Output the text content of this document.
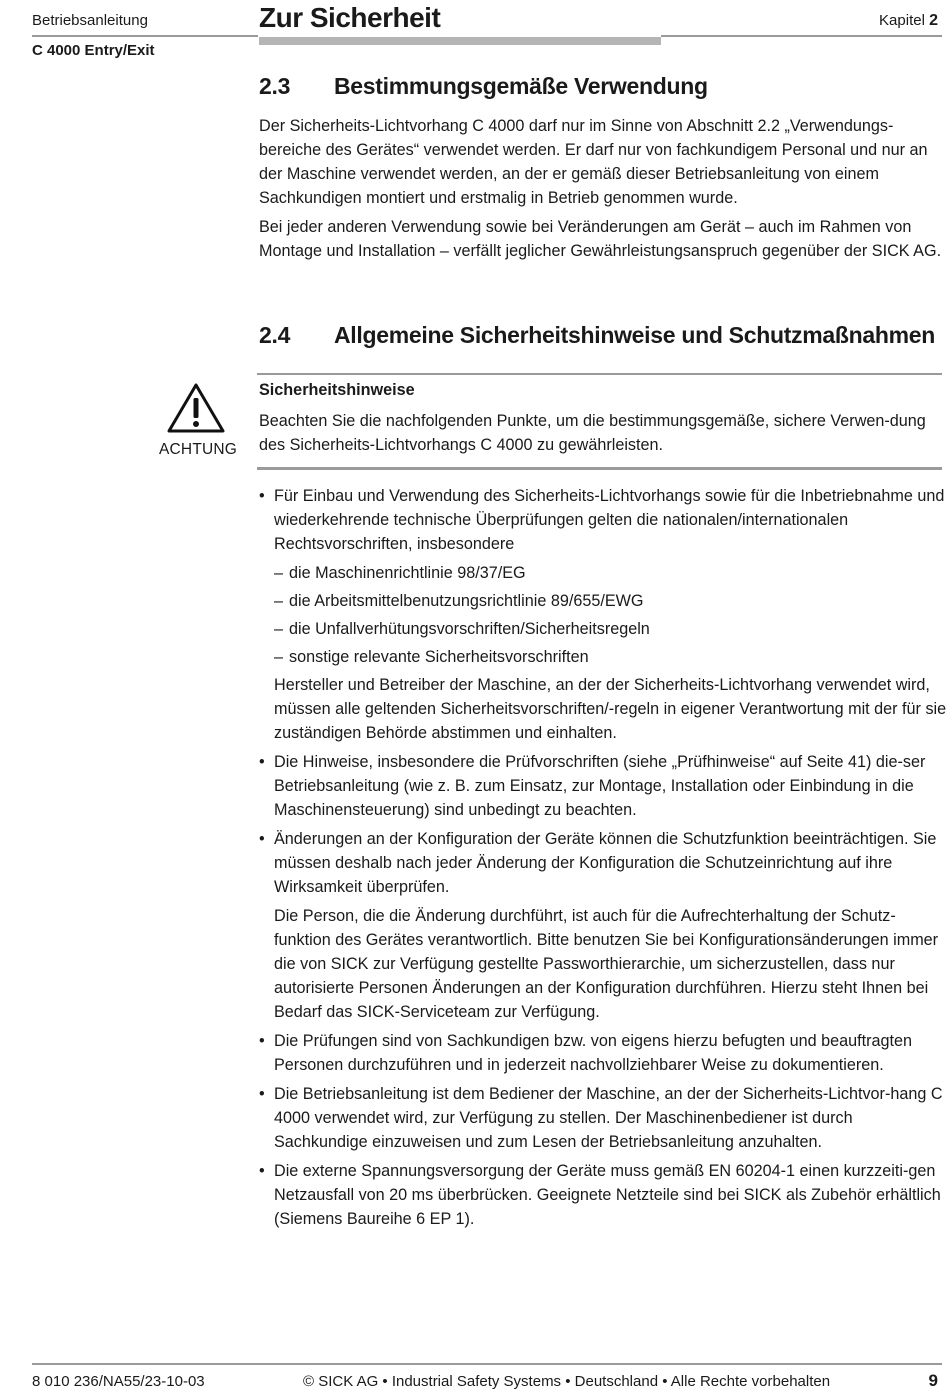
Betriebsanleitung
C 4000 Entry/Exit
Zur Sicherheit	Kapitel 2
2.3 Bestimmungsgemäße Verwendung

Der Sicherheits-Lichtvorhang C 4000 darf nur im Sinne von Abschnitt 2.2 „Verwendungs-bereiche des Gerätes“ verwendet werden. Er darf nur von fachkundigem Personal und nur an der Maschine verwendet werden, an der er gemäß dieser Betriebsanleitung von einem Sachkundigen montiert und erstmalig in Betrieb genommen wurde.

Bei jeder anderen Verwendung sowie bei Veränderungen am Gerät – auch im Rahmen von Montage und Installation – verfällt jeglicher Gewährleistungsanspruch gegenüber der SICK AG.

2.4 Allgemeine Sicherheitshinweise und Schutzmaßnahmen
ACHTUNG
Sicherheitshinweise

Beachten Sie die nachfolgenden Punkte, um die bestimmungsgemäße, sichere Verwen-dung des Sicherheits-Lichtvorhangs C 4000 zu gewährleisten.

• Für Einbau und Verwendung des Sicherheits-Lichtvorhangs sowie für die Inbetriebnahme und wiederkehrende technische Überprüfungen gelten die nationalen/internationalen Rechtsvorschriften, insbesondere

– die Maschinenrichtlinie 98/37/EG

– die Arbeitsmittelbenutzungsrichtlinie 89/655/EWG

– die Unfallverhütungsvorschriften/Sicherheitsregeln

– sonstige relevante Sicherheitsvorschriften

Hersteller und Betreiber der Maschine, an der der Sicherheits-Lichtvorhang verwendet wird, müssen alle geltenden Sicherheitsvorschriften/-regeln in eigener Verantwortung mit der für sie zuständigen Behörde abstimmen und einhalten.

• Die Hinweise, insbesondere die Prüfvorschriften (siehe „Prüfhinweise“ auf Seite 41) die-ser Betriebsanleitung (wie z. B. zum Einsatz, zur Montage, Installation oder Einbindung in die Maschinensteuerung) sind unbedingt zu beachten.

• Änderungen an der Konfiguration der Geräte können die Schutzfunktion beeinträchtigen. Sie müssen deshalb nach jeder Änderung der Konfiguration die Schutzeinrichtung auf ihre Wirksamkeit überprüfen.

Die Person, die die Änderung durchführt, ist auch für die Aufrechterhaltung der Schutz-funktion des Gerätes verantwortlich. Bitte benutzen Sie bei Konfigurationsänderungen immer die von SICK zur Verfügung gestellte Passworthierarchie, um sicherzustellen, dass nur autorisierte Personen Änderungen an der Konfiguration durchführen. Hierzu steht Ihnen bei Bedarf das SICK-Serviceteam zur Verfügung.

• Die Prüfungen sind von Sachkundigen bzw. von eigens hierzu befugten und beauftragten Personen durchzuführen und in jederzeit nachvollziehbarer Weise zu dokumentieren.

• Die Betriebsanleitung ist dem Bediener der Maschine, an der der Sicherheits-Lichtvor-hang C 4000 verwendet wird, zur Verfügung zu stellen. Der Maschinenbediener ist durch Sachkundige einzuweisen und zum Lesen der Betriebsanleitung anzuhalten.

• Die externe Spannungsversorgung der Geräte muss gemäß EN 60204-1 einen kurzzeiti-gen Netzausfall von 20 ms überbrücken. Geeignete Netzteile sind bei SICK als Zubehör erhältlich (Siemens Baureihe 6 EP 1).

8 010 236/NA55/23-10-03	© SICK AG • Industrial Safety Systems • Deutschland • Alle Rechte vorbehalten	9
